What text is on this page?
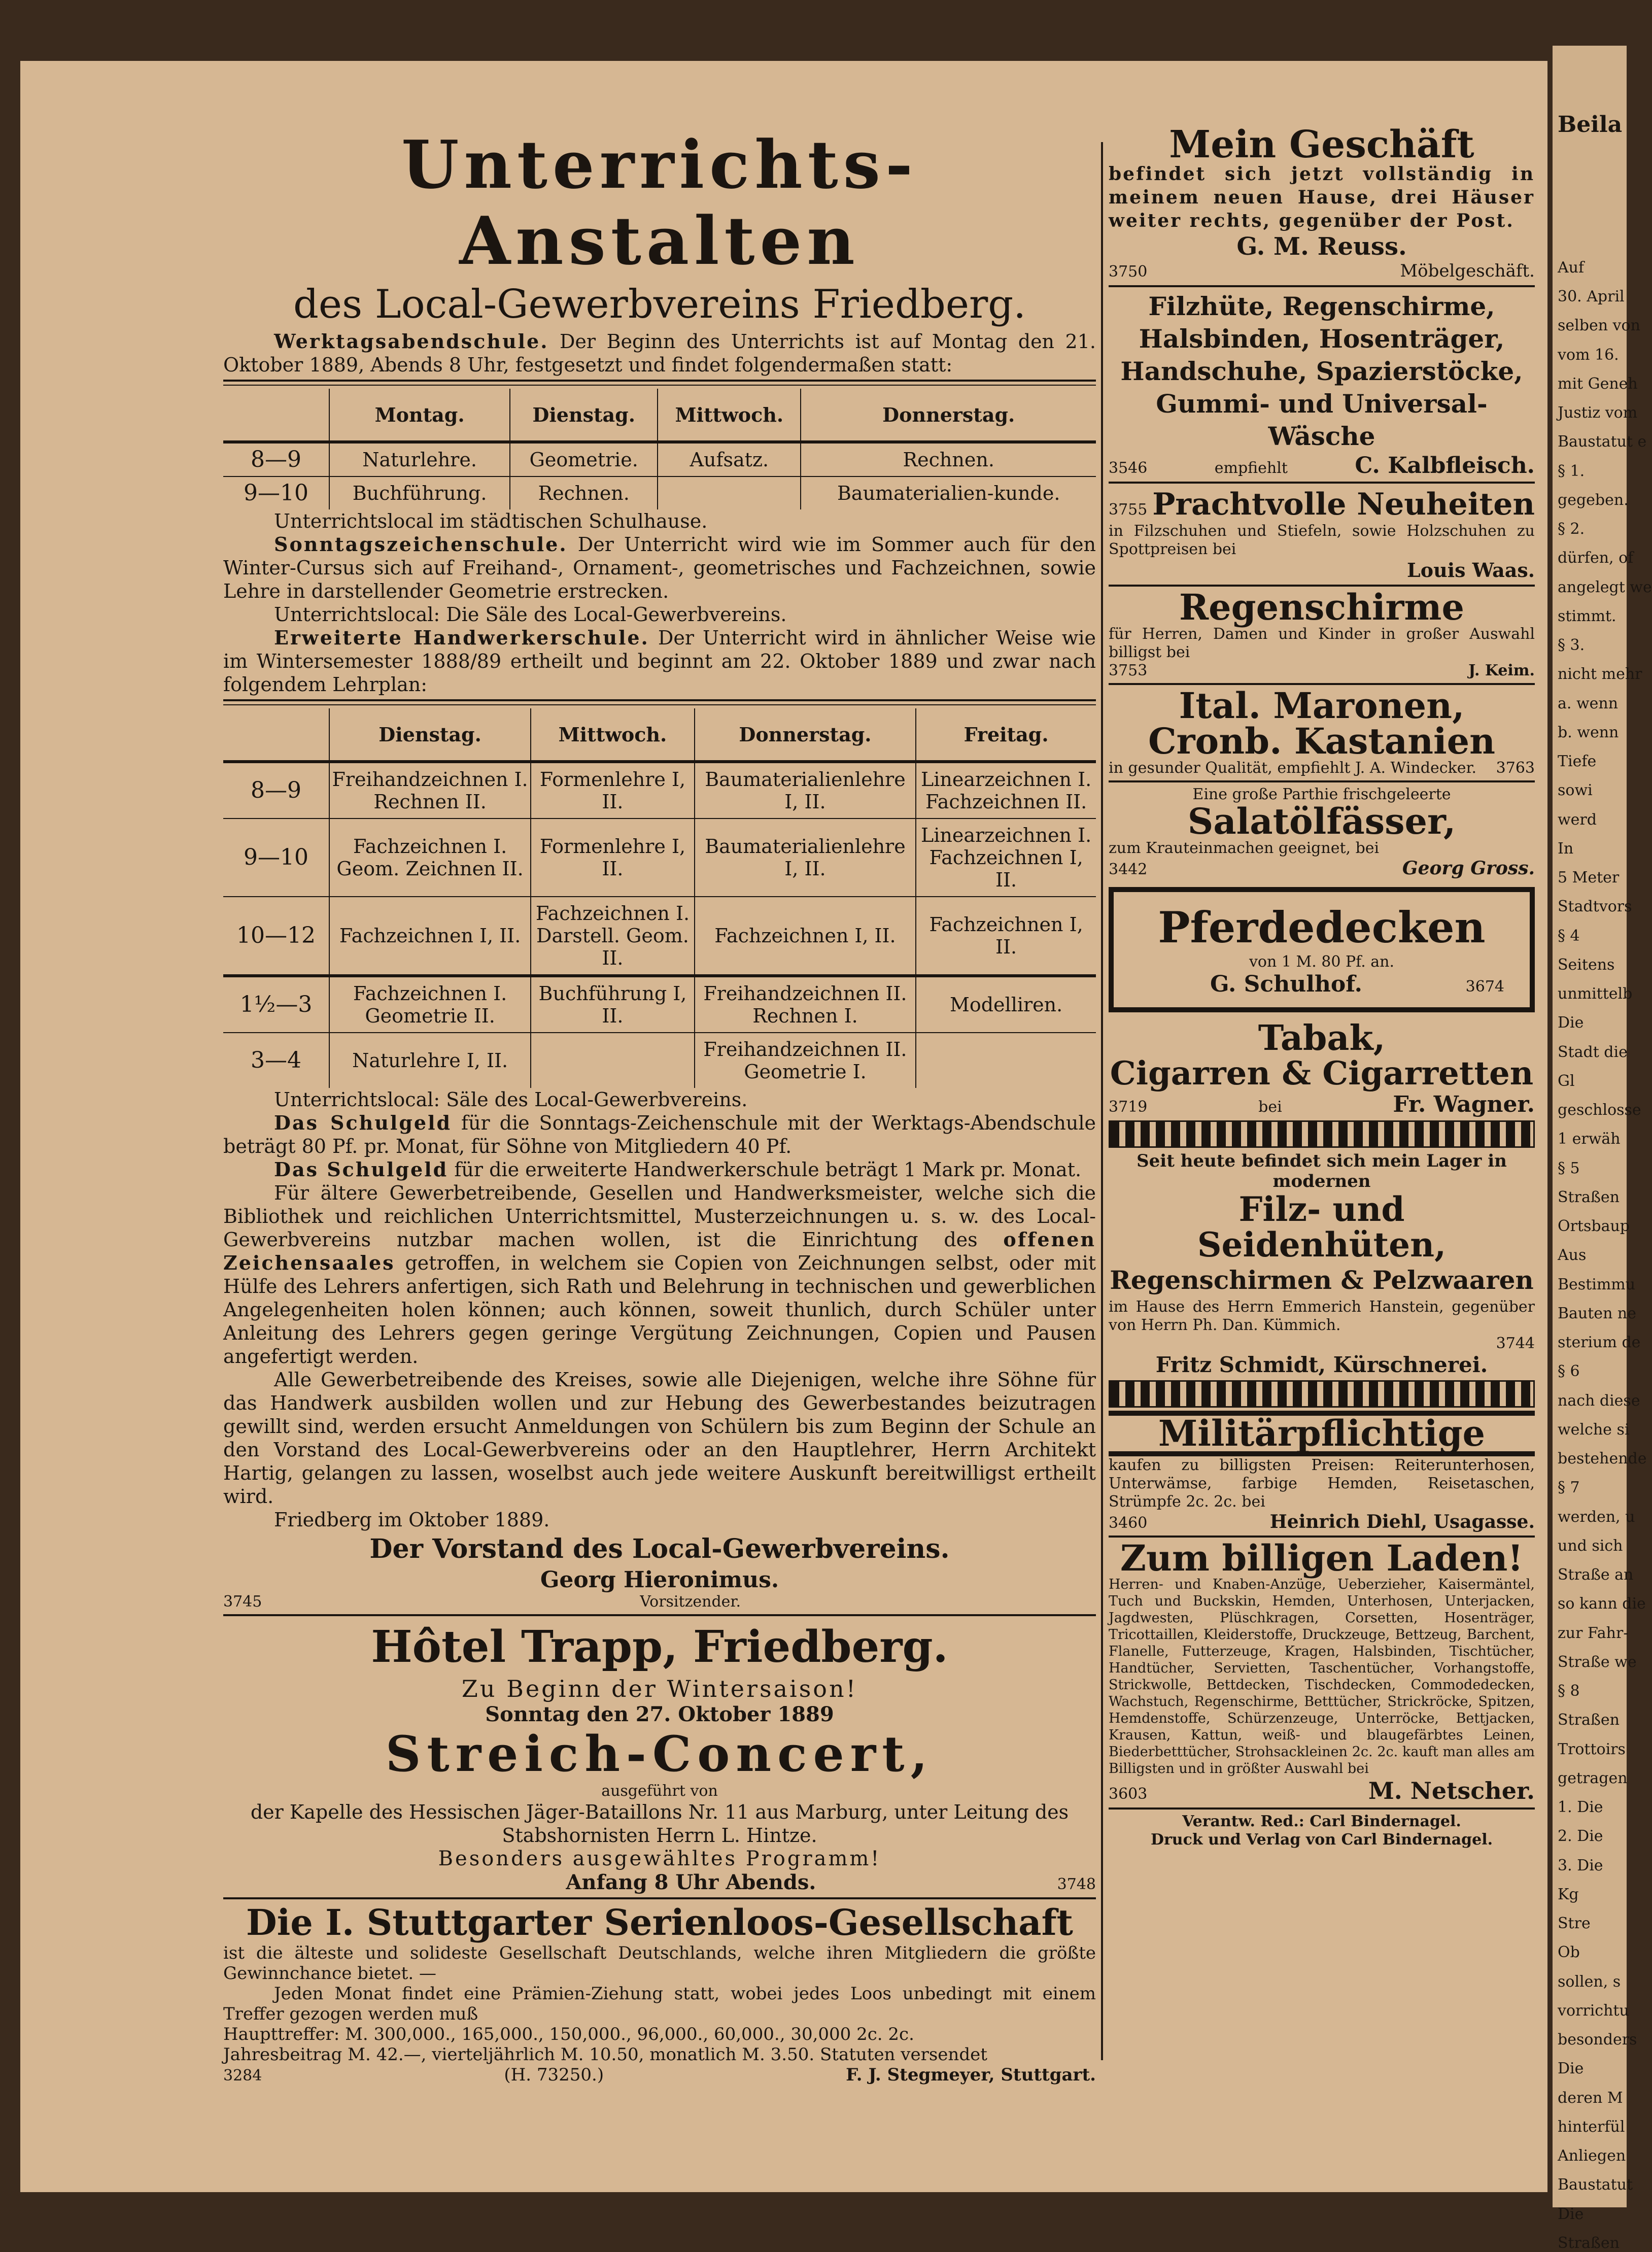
Unterrichts-Anstalten
des Local-Gewerbvereins Friedberg.

Werktagsabendschule. Der Beginn des Unterrichts ist auf Montag den 21. Oktober 1889, Abends 8 Uhr, festgesetzt und findet folgendermaßen statt:

	Montag.	Dienstag.	Mittwoch.	Donnerstag.
8—9	Naturlehre.	Geometrie.	Aufsatz.	Rechnen.
9—10	Buchführung.	Rechnen.		Baumaterialien-kunde.

Unterrichtslocal im städtischen Schulhause.

Sonntagszeichenschule. Der Unterricht wird wie im Sommer auch für den Winter-Cursus sich auf Freihand-, Ornament-, geometrisches und Fachzeichnen, sowie Lehre in darstellender Geometrie erstrecken.

Unterrichtslocal: Die Säle des Local-Gewerbvereins.

Erweiterte Handwerkerschule. Der Unterricht wird in ähnlicher Weise wie im Wintersemester 1888/89 ertheilt und beginnt am 22. Oktober 1889 und zwar nach folgendem Lehrplan:

	Dienstag.	Mittwoch.	Donnerstag.	Freitag.
8—9	Freihandzeichnen I. Rechnen II.	Formenlehre I, II.	Baumaterialienlehre I, II.	Linearzeichnen I. Fachzeichnen II.
9—10	Fachzeichnen I. Geom. Zeichnen II.	Formenlehre I, II.	Baumaterialienlehre I, II.	Linearzeichnen I. Fachzeichnen I, II.
10—12	Fachzeichnen I, II.	Fachzeichnen I. Darstell. Geom. II.	Fachzeichnen I, II.	Fachzeichnen I, II.
1½—3	Fachzeichnen I. Geometrie II.	Buchführung I, II.	Freihandzeichnen II. Rechnen I.	Modelliren.
3—4	Naturlehre I, II.		Freihandzeichnen II. Geometrie I.	

Unterrichtslocal: Säle des Local-Gewerbvereins.

Das Schulgeld für die Sonntags-Zeichenschule mit der Werktags-Abendschule beträgt 80 Pf. pr. Monat, für Söhne von Mitgliedern 40 Pf.

Das Schulgeld für die erweiterte Handwerkerschule beträgt 1 Mark pr. Monat.

Für ältere Gewerbetreibende, Gesellen und Handwerksmeister, welche sich die Bibliothek und reichlichen Unterrichtsmittel, Musterzeichnungen u. s. w. des Local-Gewerbvereins nutzbar machen wollen, ist die Einrichtung des offenen Zeichensaales getroffen, in welchem sie Copien von Zeichnungen selbst, oder mit Hülfe des Lehrers anfertigen, sich Rath und Belehrung in technischen und gewerblichen Angelegenheiten holen können; auch können, soweit thunlich, durch Schüler unter Anleitung des Lehrers gegen geringe Vergütung Zeichnungen, Copien und Pausen angefertigt werden.

Alle Gewerbetreibende des Kreises, sowie alle Diejenigen, welche ihre Söhne für das Handwerk ausbilden wollen und zur Hebung des Gewerbestandes beizutragen gewillt sind, werden ersucht Anmeldungen von Schülern bis zum Beginn der Schule an den Vorstand des Local-Gewerbvereins oder an den Hauptlehrer, Herrn Architekt Hartig, gelangen zu lassen, woselbst auch jede weitere Auskunft bereitwilligst ertheilt wird.

Friedberg im Oktober 1889.

Der Vorstand des Local-Gewerbvereins.
Georg Hieronimus.
3745	Vorsitzender.
Hôtel Trapp, Friedberg.
Zu Beginn der Wintersaison!
Sonntag den 27. Oktober 1889
Streich-Concert,
ausgeführt von

der Kapelle des Hessischen Jäger-Bataillons Nr. 11 aus Marburg, unter Leitung des Stabshornisten Herrn L. Hintze.

Besonders ausgewähltes Programm!
Anfang 8 Uhr Abends.	3748
Die I. Stuttgarter Serienloos-Gesellschaft

ist die älteste und solideste Gesellschaft Deutschlands, welche ihren Mitgliedern die größte Gewinnchance bietet. —

Jeden Monat findet eine Prämien-Ziehung statt, wobei jedes Loos unbedingt mit einem Treffer gezogen werden muß

Haupttreffer: M. 300,000., 165,000., 150,000., 96,000., 60,000., 30,000 2c. 2c.

Jahresbeitrag M. 42.—, vierteljährlich M. 10.50, monatlich M. 3.50. Statuten versendet

3284	(H. 73250.)	F. J. Stegmeyer, Stuttgart.
Mein Geschäft

befindet sich jetzt vollständig in meinem neuen Hause, drei Häuser weiter rechts, gegenüber der Post.

G. M. Reuss.
3750	Möbelgeschäft.

Filzhüte, Regenschirme, Halsbinden, Hosenträger, Handschuhe, Spazierstöcke, Gummi- und Universal-Wäsche

3546	empfiehlt	C. Kalbfleisch.
3755 Prachtvolle Neuheiten

in Filzschuhen und Stiefeln, sowie Holzschuhen zu Spottpreisen bei

Louis Waas.
Regenschirme

für Herren, Damen und Kinder in großer Auswahl billigst bei

3753	J. Keim.
Ital. Maronen,
Cronb. Kastanien
in gesunder Qualität, empfiehlt J. A. Windecker. 3763
Eine große Parthie frischgeleerte
Salatölfässer,

zum Krauteinmachen geeignet, bei

3442	Georg Gross.
Pferdedecken
von 1 M. 80 Pf. an.
G. Schulhof.	3674
Tabak,
Cigarren & Cigarretten
3719	bei	Fr. Wagner.
Seit heute befindet sich mein Lager in modernen
Filz- und Seidenhüten,
Regenschirmen & Pelzwaaren

im Hause des Herrn Emmerich Hanstein, gegenüber von Herrn Ph. Dan. Kümmich.

3744
Fritz Schmidt, Kürschnerei.
Militärpflichtige

kaufen zu billigsten Preisen: Reiterunterhosen, Unterwämse, farbige Hemden, Reisetaschen, Strümpfe 2c. 2c. bei

3460	Heinrich Diehl, Usagasse.
Zum billigen Laden!

Herren- und Knaben-Anzüge, Ueberzieher, Kaisermäntel, Tuch und Buckskin, Hemden, Unterhosen, Unterjacken, Jagdwesten, Plüschkragen, Corsetten, Hosenträger, Tricottaillen, Kleiderstoffe, Druckzeuge, Bettzeug, Barchent, Flanelle, Futterzeuge, Kragen, Halsbinden, Tischtücher, Handtücher, Servietten, Taschentücher, Vorhangstoffe, Strickwolle, Bettdecken, Tischdecken, Commodedecken, Wachstuch, Regenschirme, Betttücher, Strickröcke, Spitzen, Hemdenstoffe, Schürzenzeuge, Unterröcke, Bettjacken, Krausen, Kattun, weiß- und blaugefärbtes Leinen, Biederbetttücher, Strohsackleinen 2c. 2c. kauft man alles am Billigsten und in größter Auswahl bei

3603	M. Netscher.
Verantw. Red.: Carl Bindernagel.
Druck und Verlag von Carl Bindernagel.
Beila
Auf
30. April
selben von
vom 16.
mit Geneh
Justiz vom
Baustatut e
§ 1.
gegeben.
§ 2.
dürfen, of
angelegt we
stimmt.
§ 3.
nicht mehr
a. wenn
b. wenn
Tiefe
sowi
werd
In
5 Meter
Stadtvors
§ 4
Seitens
unmittelb
Die
Stadt die
Gl
geschlosse
1 erwäh
§ 5
Straßen
Ortsbaup
Aus
Bestimmu
Bauten ne
sterium de
§ 6
nach diese
welche si
bestehende
§ 7
werden, u
und sich
Straße an
so kann die
zur Fahr-
Straße we
§ 8
Straßen
Trottoirs
getragen
1. Die
2. Die
3. Die
Kg
Stre
Ob
sollen, s
vorrichtu
besonders
Die
deren M
hinterfül
Anliegen
Baustatut
Die
Straßen
